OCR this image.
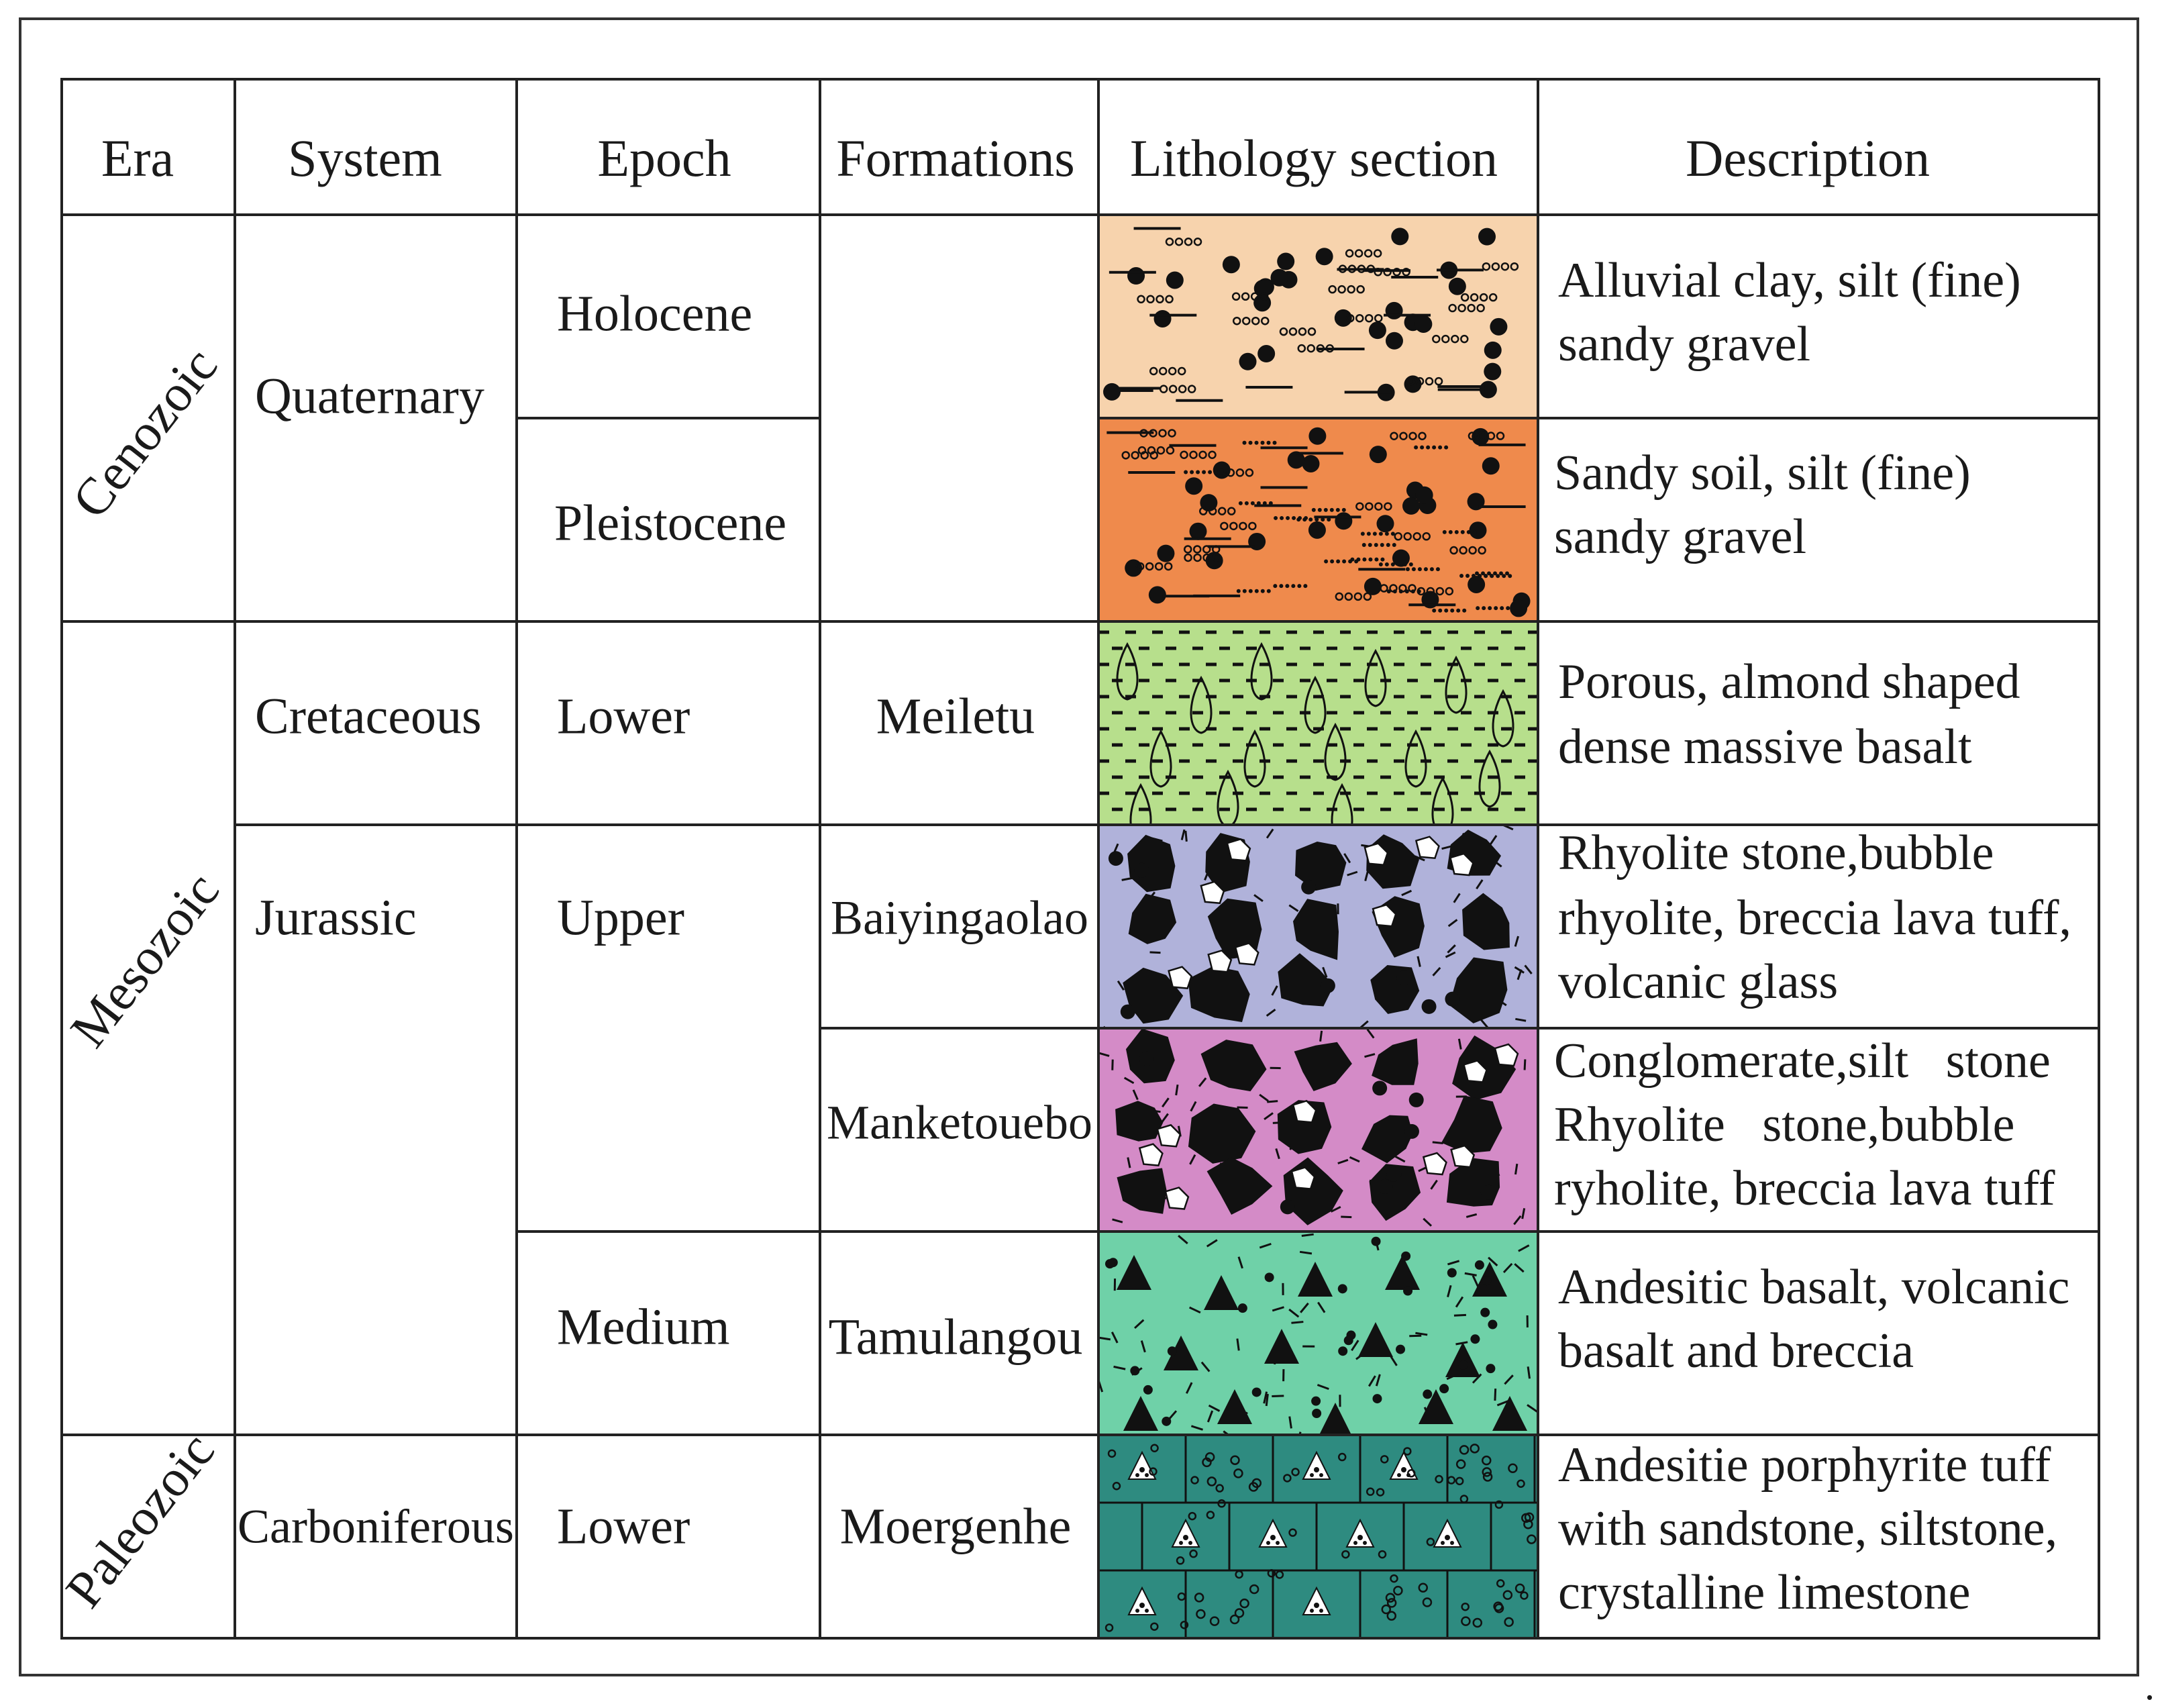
Era System	Epoch Formations Lithology section	Description
Cenozoic
Mesozoic
Paleozoic
Quaternary
Cretaceous
Jurassic
Carboniferous
Holocene
Pleistocene
Lower
Upper
Medium
Lower
Meiletu
Baiyingaolao
Manketouebo
Tamulangou
Moergenhe
Alluvial clay, silt (fine)
sandy gravel
Sandy soil, silt (fine)
sandy gravel
Porous, almond shaped
dense massive basalt
Rhyolite stone,bubble
rhyolite, breccia lava tuff,
volcanic glass
Conglomerate,silt   stone
Rhyolite   stone,bubble
ryholite, breccia lava tuff
Andesitic basalt, volcanic
basalt and breccia
Andesitie porphyrite tuff
with sandstone, siltstone,
crystalline limestone
.
